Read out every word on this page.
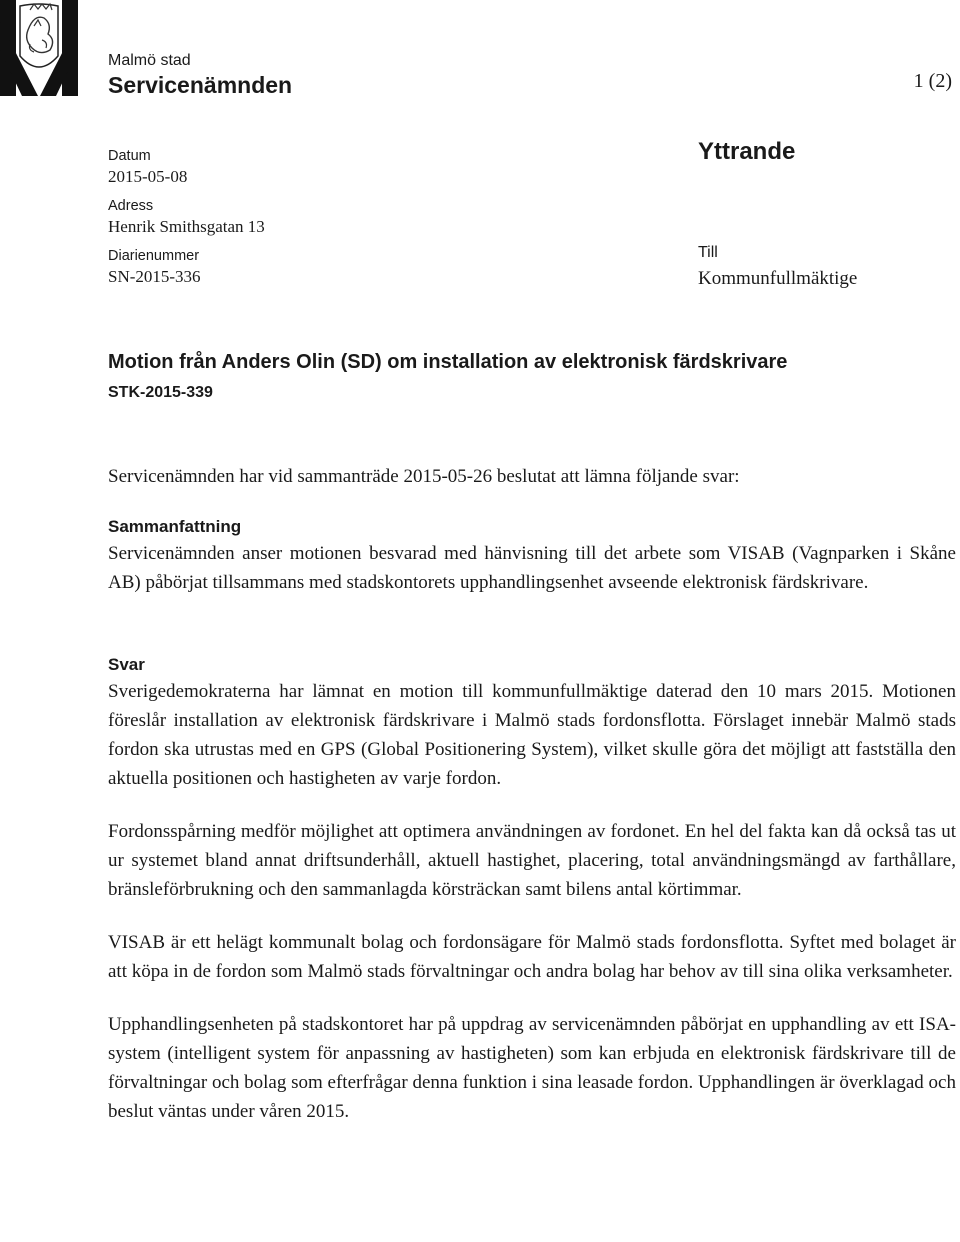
Malmö stad
Servicenämnden	1 (2)

Datum

2015-05-08

Adress

Henrik Smithsgatan 13

Diarienummer

SN-2015-336

Yttrande
Till
Kommunfullmäktige
Motion från Anders Olin (SD) om installation av elektronisk färdskrivare
STK-2015-339

Servicenämnden har vid sammanträde 2015-05-26 beslutat att lämna följande svar:

Sammanfattning

Servicenämnden anser motionen besvarad med hänvisning till det arbete som VISAB (Vagnparken i Skåne AB) påbörjat tillsammans med stadskontorets upphandlingsenhet avseende elektronisk färdskrivare.

Svar

Sverigedemokraterna har lämnat en motion till kommunfullmäktige daterad den 10 mars 2015. Motionen föreslår installation av elektronisk färdskrivare i Malmö stads fordonsflotta. Förslaget innebär Malmö stads fordon ska utrustas med en GPS (Global Positionering System), vilket skulle göra det möjligt att fastställa den aktuella positionen och hastigheten av varje fordon.

Fordonsspårning medför möjlighet att optimera användningen av fordonet. En hel del fakta kan då också tas ut ur systemet bland annat driftsunderhåll, aktuell hastighet, placering, total användningsmängd av farthållare, bränsleförbrukning och den sammanlagda körsträckan samt bilens antal körtimmar.

VISAB är ett helägt kommunalt bolag och fordonsägare för Malmö stads fordonsflotta. Syftet med bolaget är att köpa in de fordon som Malmö stads förvaltningar och andra bolag har behov av till sina olika verksamheter.

Upphandlingsenheten på stadskontoret har på uppdrag av servicenämnden påbörjat en upphandling av ett ISA-system (intelligent system för anpassning av hastigheten) som kan erbjuda en elektronisk färdskrivare till de förvaltningar och bolag som efterfrågar denna funktion i sina leasade fordon. Upphandlingen är överklagad och beslut väntas under våren 2015.
